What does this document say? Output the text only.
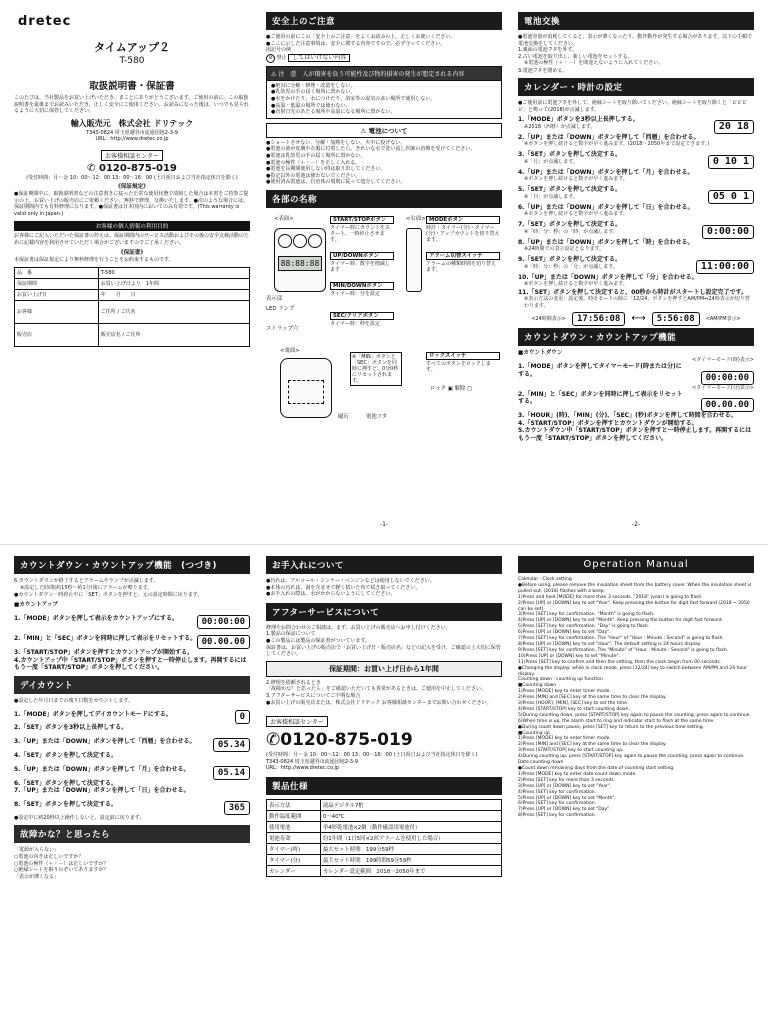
dretec

タイムアップ２

T-580

取扱説明書・保証書

このたびは、当社製品をお買い上げいただき、まことにありがとうございます。ご使用の前に、この取扱説明書を最後までお読みいただき、正しく安全にご使用ください。お読みになった後は、いつでも見られるように大切に保管してください。

輸入販売元　株式会社 ドリテック

T343-0824 埼玉県越谷市流通団地2-3-9

URL：http://www.dretec.co.jp

お客様相談センター

✆ 0120-875-019

(受付時間：月～金 10：00～12：00 13：00～16：00 (土日祝日および当社指定休日を除く)

《保証規定》

●保証期間中に、取扱説明書などの注意書きに従った正常な使用状態で故障した場合は本書をご持参ご提示の上、お買い上げの販売店にご依頼ください。無料で修理、交換いたします。●次のような場合には、保証期間内でも有料修理になります。●保証書は日本国内においてのみ有効です。(This warranty is valid only in Japan.)

お客様の個人情報の利用目的

お客様にご記入いただいた保証書の控えは、保証期間内のサービス活動およびその後の安全点検活動のために記載内容を利用させていただく場合がございますのでご了承ください。

《保証書》

本保証書は保証規定により無料修理を行うことをお約束するものです。

品　番	T-580
保証期間	お買い上げ日より　1年間
お買い上げ日	年　　月　　日
お客様	ご住所 / ご氏名
販売店	販売店名 / ご住所
安全上のご注意

●ご使用の前にこの「安全上のご注意」をよくお読みの上、正しくお使いください。

●ここに示した注意事項は、安全に関する内容ですので、必ず守ってください。

図記号の例

⊘ 禁止 してはいけない内容
⚠ 注　意　 人が傷害を負う可能性及び物的損害の発生が想定される内容

●絶対に分解・修理・改造をしない。

●乳幼児の手の届く場所に置かない。

●水をかけたり、水につけたり、浴室等の湿気の多い場所で使用しない。

●高温・低温の場所では使わない。

●直射日光のあたる場所や高温になる場所に置かない。

⚠ 電池について

●ショートさせない、分解・加熱をしない、火中に投げない。

●電池の液が皮膚や衣服に付着したら、きれいな水で洗い流し医師の治療を受けてください。

●電池は乳幼児の手の届く場所に置かない。

●電池の極性（＋・－）を正しく入れる。

●電池を長期間使用しない時は取り出してください。

●指定以外の電池は使わないでください。

●使用済み電池は、自治体の規則に従って処分してください。

各部の名称
<表面>
88:88:88
表示部
LED ランプ
ストラップ穴
<裏面>
磁石
START/STOPボタン
タイマー時にカウントをスタート、一時停止させます。
UP/DOWNボタン
タイマー時：数字を増減します
MIN/DOWNボタン
タイマー時：分を設定
SEC/クリアボタン
タイマー時：秒を設定
※「MIN」ボタンと「SEC」ボタンを同時に押すと、0分0秒にリセットされます。
<右面> MODEボタン
時計・タイマー(分)・タイマー(分)・アップカウントを切り替えます。
アラーム切替スイッチ
アラームの種類時間を切り替えます。
ロックスイッチ
すべてのボタンをロックします。
ロック ▣ 解除 ▢
電池フタ
-1-
電池交換

●電池容量が消耗してくると、表示が薄くなったり、動作動作が発生する場合があります。以下の手順で電池交換をしてください。

1.裏面の電池フタを外す。

2.古い電池を取り出し、新しい電池をセットする。

※電池の極性（＋・－）を間違えないように入れてください。

3.電池フタを閉める。

カレンダー・時計の設定

●ご使用前に電池フタを外して、絶縁シートを取り除いてください。絶縁シートを取り除くと「ピピピピ」と鳴って(2018)が点滅します。

1.「MODE」ボタンを3秒以上長押しする。

※2018（西暦）が点滅します。	20 18

2.「UP」または「DOWN」ボタンを押して「西暦」を合わせる。

※ボタンを押し続けると数字が早く進みます。(2018～2050年まで設定できます。)

3.「SET」ボタンを押して決定する。

※「月」が点滅します。	0 10 1

4.「UP」または「DOWN」ボタンを押して「月」を合わせる。

※ボタンを押し続けると数字が早く進みます。

5.「SET」ボタンを押して決定する。

※「日」が点滅します。	05 0 1

6.「UP」または「DOWN」ボタンを押して「日」を合わせる。

※ボタンを押し続けると数字が早く進みます。

7.「SET」ボタンを押して決定する。

※「時：分：秒」の「時」が点滅します。	0:00:00

8.「UP」または「DOWN」ボタンを押して「時」を合わせる。

※24時間での表示設定となります。

9.「SET」ボタンを押して決定する。

※「時：分：秒」の「分」が点滅します。	11:00:00

10.「UP」または「DOWN」ボタンを押して「分」を合わせる。

※ボタンを押し続けると数字が早く進みます。

11.「SET」ボタンを押して決定すると、00秒から時計がスタートし設定完了です。

※表示方法の変更：設定後、時計モードの時に「12/24」ボタンを押すとAM/PM⇔24時表示が切り替わります。

<24時間表示>	17:56:08	⟷	5:56:08	<AM/PM表示>
カウントダウン・カウントアップ機能

■カウントダウン

1.「MODE」ボタンを押してタイマーモード(時または分)にする。

<タイマーモード(時)表示>
00:00:00

2.「MIN」と「SEC」ボタンを同時に押して表示をリセットする。

<タイマーモード(分)表示>
00.00.00

3.「HOUR」(時)、「MIN」(分)、「SEC」(秒)ボタンを押して時間を合わせる。

4.「START/STOP」ボタンを押すとカウントダウンが開始する。

5.カウントダウン中「START/STOP」ボタンを押すと一時停止します。再開するにはもう一度「START/STOP」ボタンを押してください。

-2-
カウントダウン・カウントアップ機能　(つづき)

6.カウントダウンが終了するとアラームやランプが点滅します。

※設定した時間(約15秒～約1分)後にアラームが鳴ります。

●カウントダウン一時停止中に「SET」ボタンを押すと、元の設定時間に戻ります。

■カウントアップ

1.「MODE」ボタンを押して表示をカウントアップにする。	00:00:00

2.「MIN」と「SEC」ボタンを同時に押して表示をリセットする。 00.00.00

3.「START/STOP」ボタンを押すとカウントアップが開始する。

4.カウントアップ中「START/STOP」ボタンを押すと一時停止します。再開するにはもう一度「START/STOP」ボタンを押してください。

デイカウント

●設定した年月日までの残り日数をカウントします。

1.「MODE」ボタンを押してデイカウントモードにする。	0

2.「SET」ボタンを3秒以上長押しする。

3.「UP」または「DOWN」ボタンを押して「西暦」を合わせる。	05.34

4.「SET」ボタンを押して決定する。

5.「UP」または「DOWN」ボタンを押して「月」を合わせる。	05.14

6.「SET」ボタンを押して決定する。

7.「UP」または「DOWN」ボタンを押して「日」を合わせる。

8.「SET」ボタンを押して決定する。	365

●設定中に約20秒以上操作しないと、設定前に戻ります。

故障かな？と思ったら

「電源が入らない」

○電池の向きは正しいですか？

○電池の極性（＋・－）は正しいですか？

○絶縁シートを取りのぞいてありますか？

「表示が薄くなる」

お手入れについて

●汚れは、アルコール・シンナー・ベンジンなどは使用しないでください。

●本体の汚れは、湯を含ませて軽く拭いた布で拭き取ってください。

●お手入れの際は、水がかからないようにしてください。

アフターサービスについて

修理やお問合わせのご相談は、まず、お買い上げの販売店へお申し付けください。

1.製品の保証について

●この製品には製品の保証書がついています。

保証書は、お買い上げの販売店で「お買い上げ日・販売店名」などの記入を受け、ご確認の上大切に保管してください。

保証期間：お買い上げ日から1年間

2.修理を依頼されるとき

「故障かな？と思ったら」をご確認いただいても異常があるときは、ご使用を中止してください。

3.アフターサービスについてご不明な場合

●お買い上げの販売店または、株式会社ドリテック お客様相談センターまでお問い合わせください。

お客様相談センター

✆0120-875-019

(受付時間：月～金 10：00～12：00 13：00～16：00 (土日祝日および当社指定休日を除く)

T343-0824 埼玉県越谷市流通団地2-3-9

URL：http://www.dretec.co.jp

製品仕様
表示方法	液晶デジタル7桁
動作温度範囲	0～40℃
使用電池	単4形乾電池×2個（動作確認用電池付）
電池寿命	約1年間（1日5回×2回アラームを使用した場合）
タイマー(時)	最大セット時間　199分59秒
タイマー(分)	最大セット時間　199時間59分59秒
カレンダー	カレンダー設定範囲　2018～2050年まで
Operation Manual

Calendar · Clock setting

●Before using, please remove the insulation sheet from the battery cover. When the insulation sheet is pulled out, (2018) flashes with a beep.

1)Press and hold [MODE] for more than 3 seconds. "2018" (year) is going to flash.

2)Press [UP] or [DOWN] key to set "Year". Keep pressing the button for digit fast forward (2018 ~ 2050 can be set).

3)Press [SET] key for confirmation. "Month" is going to flash.

4)Press [UP] or [DOWN] key to set "Month". Keep pressing the button for digit fast forward.

5)Press [SET] key for confirmation. "Day" is going to flash.

6)Press [UP] or [DOWN] key to set "Day".

7)Press [SET] key for confirmation. The "Hour" of "Hour : Minute : Second" is going to flash.

8)Press [UP] or [DOWN] key to set "Hour". The default setting is 24 hours display.

9)Press [SET] key for confirmation. The "Minute" of "Hour : Minute : Second" is going to flash.

10)Press [UP] or [DOWN] key to set "Minute".

11)Press [SET] key to confirm and then the setting, then the clock begin from 00 seconds.

●Changing the display: while in clock mode, press [12/24] key to switch between AM/PM and 24-hour display.

Counting down · counting up function

■Counting down

1)Press [MODE] key to enter timer mode.

2)Press [MIN] and [SEC] key at the same time to clear the display.

3)Press [HOUR], [MIN], [SEC] key to set the time.

4)Press [START/STOP] key to start counting down.

5)During counting down, press [START/STOP] key again to pause the counting; press again to continue.

6)When time is up, the alarm start to ring and indicator start to flash at the same time.

●During count down pause, press [SET] key to return to the previous time setting.

■Counting up

1)Press [MODE] key to enter timer mode.

2)Press [MIN] and [SEC] key at the same time to clear the display.

3)Press [START/STOP] key to start counting up.

4)During counting up, press [START/STOP] key again to pause the counting; press again to continue.

Date counting down

●Count down remaining days from the date of counting start setting.

1)Press [MODE] key to enter date count down mode.

2)Press [SET] key for more than 3 seconds.

3)Press [UP] or [DOWN] key to set "Year".

4)Press [SET] key for confirmation.

5)Press [UP] or [DOWN] key to set "Month".

6)Press [SET] key for confirmation.

7)Press [UP] or [DOWN] key to set "Day".

8)Press [SET] key for confirmation.
